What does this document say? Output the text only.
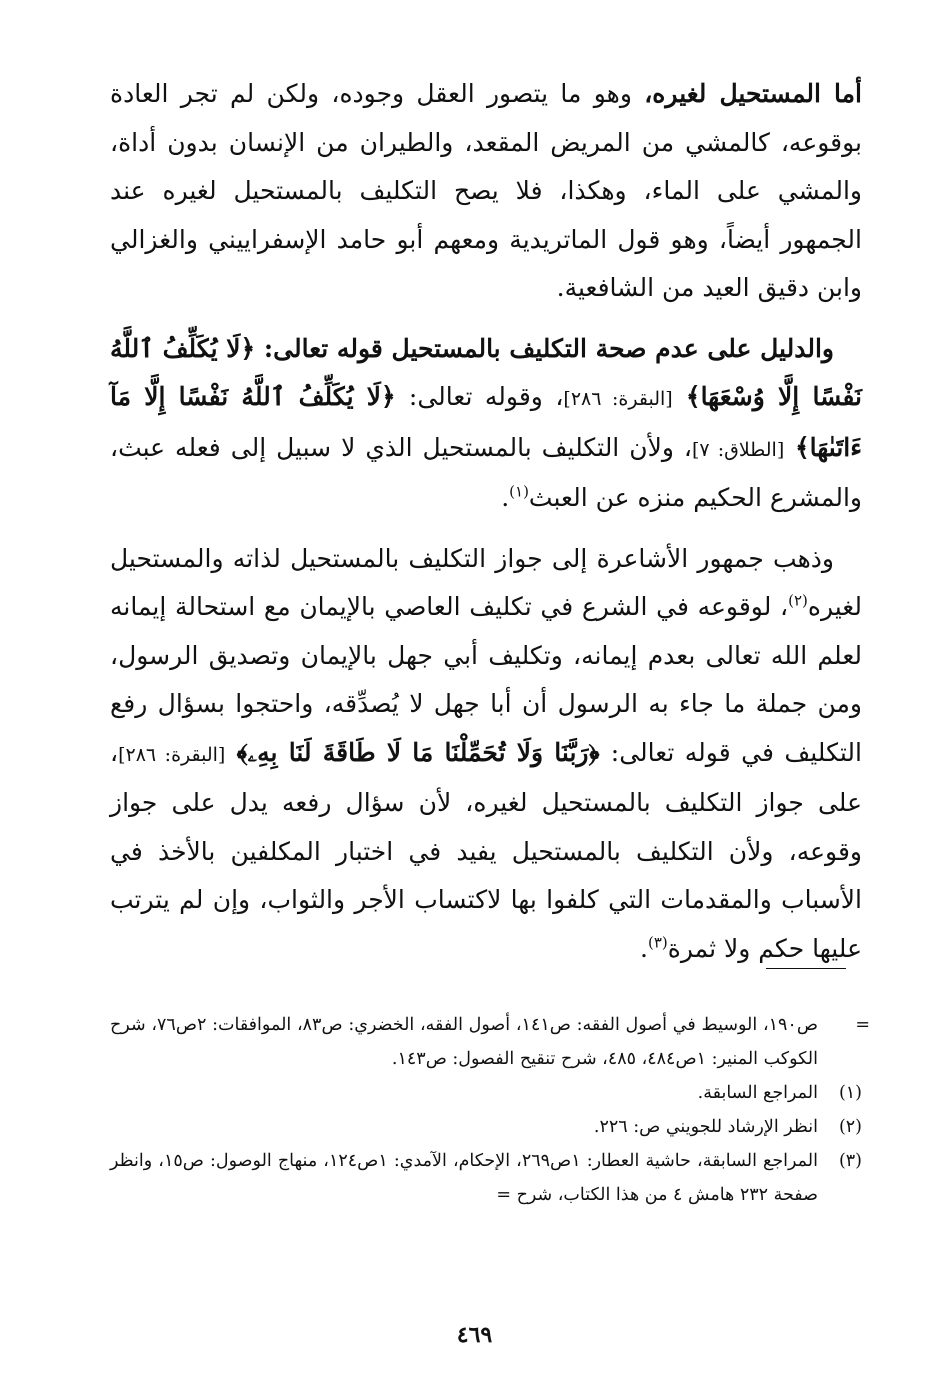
أما المستحيل لغيره، وهو ما يتصور العقل وجوده، ولكن لم تجر العادة بوقوعه، كالمشي من المريض المقعد، والطيران من الإنسان بدون أداة، والمشي على الماء، وهكذا، فلا يصح التكليف بالمستحيل لغيره عند الجمهور أيضاً، وهو قول الماتريدية ومعهم أبو حامد الإسفراييني والغزالي وابن دقيق العيد من الشافعية.

والدليل على عدم صحة التكليف بالمستحيل قوله تعالى: ﴿لَا يُكَلِّفُ ٱللَّهُ نَفْسًا إِلَّا وُسْعَهَا﴾ [البقرة: ٢٨٦]، وقوله تعالى: ﴿لَا يُكَلِّفُ ٱللَّهُ نَفْسًا إِلَّا مَآ ءَاتَىٰهَا﴾ [الطلاق: ٧]، ولأن التكليف بالمستحيل الذي لا سبيل إلى فعله عبث، والمشرع الحكيم منزه عن العبث$^{(١)}$.

وذهب جمهور الأشاعرة إلى جواز التكليف بالمستحيل لذاته والمستحيل لغيره$^{(٢)}$، لوقوعه في الشرع في تكليف العاصي بالإيمان مع استحالة إيمانه لعلم الله تعالى بعدم إيمانه، وتكليف أبي جهل بالإيمان وتصديق الرسول، ومن جملة ما جاء به الرسول أن أبا جهل لا يُصدِّقه، واحتجوا بسؤال رفع التكليف في قوله تعالى: ﴿رَبَّنَا وَلَا تُحَمِّلْنَا مَا لَا طَاقَةَ لَنَا بِهِۦ﴾ [البقرة: ٢٨٦]، على جواز التكليف بالمستحيل لغيره، لأن سؤال رفعه يدل على جواز وقوعه، ولأن التكليف بالمستحيل يفيد في اختبار المكلفين بالأخذ في الأسباب والمقدمات التي كلفوا بها لاكتساب الأجر والثواب، وإن لم يترتب عليها حكم ولا ثمرة$^{(٣)}$.

=
ص١٩٠، الوسيط في أصول الفقه: ص١٤١، أصول الفقه، الخضري: ص٨٣، الموافقات: ٢ص٧٦، شرح الكوكب المنير: ١ص٤٨٤، ٤٨٥، شرح تنقيح الفصول: ص١٤٣.
(١)
المراجع السابقة.
(٢)
انظر الإرشاد للجويني ص: ٢٢٦.
(٣)
المراجع السابقة، حاشية العطار: ١ص٢٦٩، الإحكام، الآمدي: ١ص١٢٤، منهاج الوصول: ص١٥، وانظر صفحة ٢٣٢ هامش ٤ من هذا الكتاب، شرح =
٤٦٩
